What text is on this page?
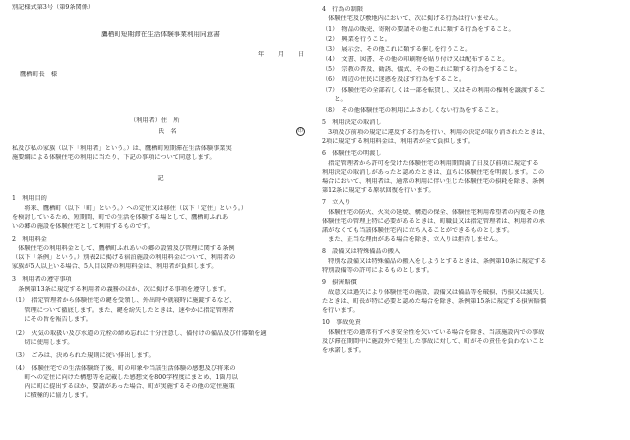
別記様式第3号（第9条関係）
鷹栖町短期滞在生活体験事業利用同意書
年 月 日
鷹栖町長　様
（利用者）住　所
氏　名	印
私及び私の家族（以下「利用者」という。）は、鷹栖町短期滞在生活体験事業実
施要綱による体験住宅の利用に当たり、下記の事項について同意します。
記
1　利用目的
　　将来、鷹栖町（以下「町」という。）への定住又は移住（以下「定住」という。）
を検討しているため、短期間、町での生活を体験する場として、鷹栖町ふれあ
いの郷の施設を体験住宅として利用するものです。
2　利用料金
　体験住宅の利用料金として、鷹栖町ふれあいの郷の設置及び管理に関する条例
（以下「条例」という。）別表2に掲げる宿泊施設の利用料金について、利用者の
家族が5人以上いる場合、5人目以降の利用料金は、利用者が負担します。
3　利用者の遵守事項
　条例第13条に規定する利用者の義務のほか、次に掲げる事項を遵守します。
（1）　指定管理者から体験住宅の鍵を受領し、外出時や就寝時に施錠するなど、
　　管理について徹底します。また、鍵を紛失したときは、速やかに指定管理者
　　にその旨を報告します。
（2）　火気の取扱い及び水道の元栓の締め忘れに十分注意し、備付けの備品及び什器類を適
　　切に使用します。
（3）　ごみは、決められた規則に従い排出します。
（4）　体験住宅での生活体験終了後、町の印象や当該生活体験の感想及び将来の
　　町への定住に向けた構想等を記載した感想文を800字程度にまとめ、1箇月以
　　内に町に提出するほか、要請があった場合、町が実施するその他の定住施策
　　に積極的に協力します。
4　行為の制限
　体験住宅及び敷地内において、次に掲げる行為は行いません。
（1）　物品の販売、寄附の要請その他これに類する行為をすること。
（2）　興業を行うこと。
（3）　展示会、その他これに類する催しを行うこと。
（4）　文書、図書、その他の印刷物を貼り付け又は配布すること。
（5）　宗教の普及、勧誘、儀式、その他これに類する行為をすること。
（6）　周辺の住民に迷惑を及ぼす行為をすること。
（7）　体験住宅の全部若しくは一部を転貸し、又はその利用の権利を譲渡するこ
　　と。
（8）　その他体験住宅の利用にふさわしくない行為をすること。
5　利用決定の取消し
　3項及び前項の規定に違反する行為を行い、利用の決定が取り消されたときは、
2項に規定する利用料金は、利用者が全て負担します。
6　体験住宅の明渡し
　指定管理者から許可を受けた体験住宅の利用期間満了日及び前項に規定する
利用決定の取消しがあったと認めたときは、直ちに体験住宅を明渡します。この
場合において、利用者は、通常の利用に伴い生じた体験住宅の損耗を除き、条例
第12条に規定する原状回復を行います。
7　立入り
　体験住宅の防火、火災の延焼、構造の保全、体験住宅利用希望者の内覧その他
体験住宅の管理上特に必要があるときは、町職員又は指定管理者は、利用者の承
諾がなくても当該体験住宅内に立ち入ることができるものとします。
　また、正当な理由がある場合を除き、立入りは拒否しません。
8　設備又は特殊備品の搬入
　特別な設備又は特殊備品の搬入をしようとするときは、条例第10条に規定する
特別設備等の許可によるものとします。
9　損害賠償
　故意又は過失により体験住宅の施設、設備又は備品等を破損、汚損又は滅失し
たときは、町長が特に必要と認めた場合を除き、条例第15条に規定する損害賠償
を行います。
10　事故免責
　体験住宅の過常有すべき安全性を欠いている場合を除き、当該施設内での事故
及び滞在期間中に施設外で発生した事故に対して、町がその責任を負わないこと
を承諾します。
